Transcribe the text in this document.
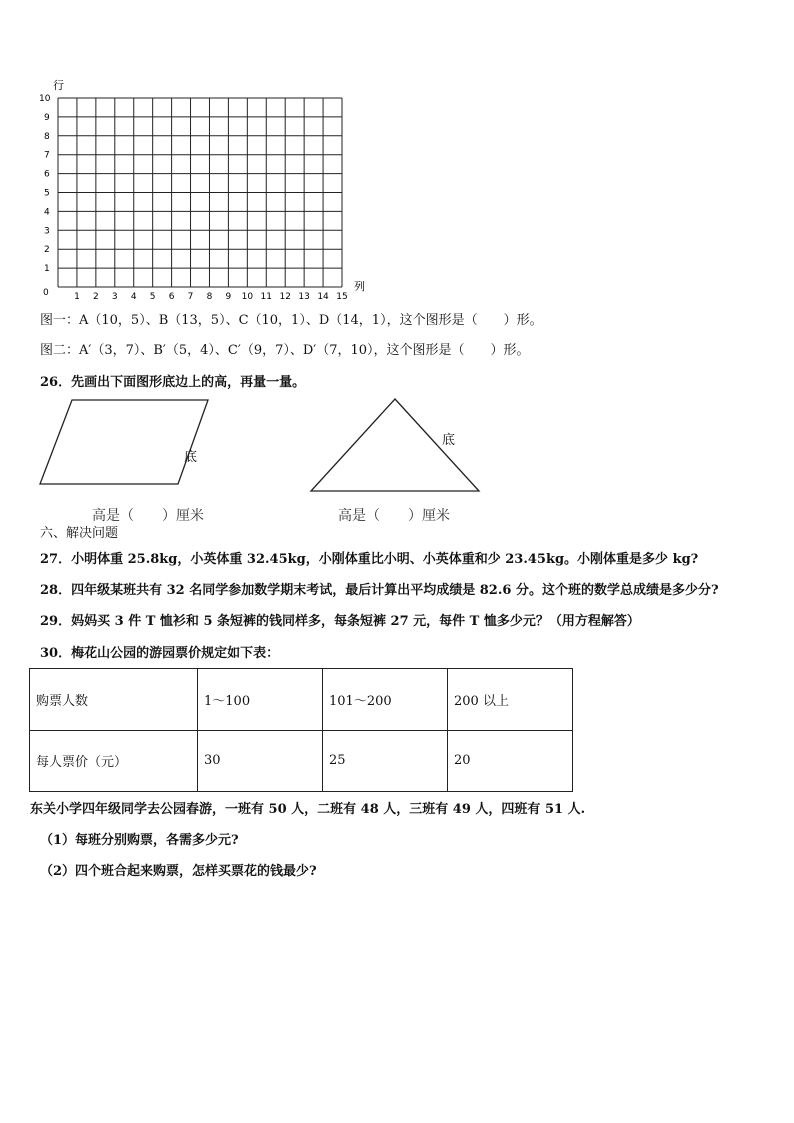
行
列
0
1
2
3
4
5
6
7
8
9
10
1 2 3 4 5 6 7 8 9 10 11 12 13 14 15
图一：A（10，5）、B（13，5）、C（10，1）、D（14，1），这个图形是（　　）形。
图二：A′（3，7）、B′（5，4）、C′（9，7）、D′（7，10），这个图形是（　　）形。
26．先画出下面图形底边上的高，再量一量。
底
底
高是（　　）厘米	高是（　　）厘米
六、解决问题
27．小明体重 25.8kg，小英体重 32.45kg，小刚体重比小明、小英体重和少 23.45kg。小刚体重是多少 kg?
28．四年级某班共有 32 名同学参加数学期末考试，最后计算出平均成绩是 82.6 分。这个班的数学总成绩是多少分?
29．妈妈买 3 件 T 恤衫和 5 条短裤的钱同样多，每条短裤 27 元，每件 T 恤多少元？（用方程解答）
30．梅花山公园的游园票价规定如下表：
购票人数	1～100	101～200	200 以上
每人票价（元）	30	25	20
东关小学四年级同学去公园春游，一班有 50 人，二班有 48 人，三班有 49 人，四班有 51 人.
（1）每班分别购票，各需多少元?
（2）四个班合起来购票，怎样买票花的钱最少?
